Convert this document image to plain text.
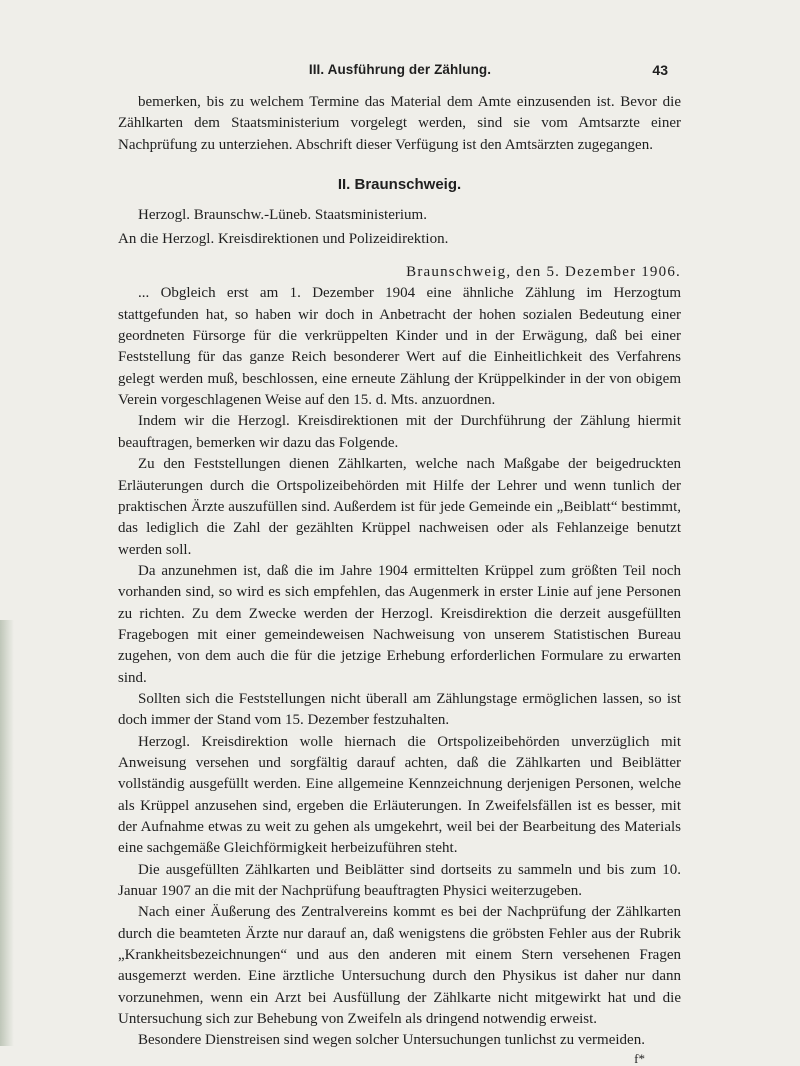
III. Ausführung der Zählung.	43

bemerken, bis zu welchem Termine das Material dem Amte einzusenden ist. Bevor die Zählkarten dem Staatsministerium vorgelegt werden, sind sie vom Amtsarzte einer Nachprüfung zu unterziehen. Abschrift dieser Verfügung ist den Amtsärzten zugegangen.

II. Braunschweig.

Herzogl. Braunschw.-Lüneb. Staatsministerium.

An die Herzogl. Kreisdirektionen und Polizeidirektion.

Braunschweig, den 5. Dezember 1906.

... Obgleich erst am 1. Dezember 1904 eine ähnliche Zählung im Herzogtum stattgefunden hat, so haben wir doch in Anbetracht der hohen sozialen Bedeutung einer geordneten Fürsorge für die verkrüppelten Kinder und in der Erwägung, daß bei einer Feststellung für das ganze Reich besonderer Wert auf die Einheitlichkeit des Verfahrens gelegt werden muß, beschlossen, eine erneute Zählung der Krüppelkinder in der von obigem Verein vorgeschlagenen Weise auf den 15. d. Mts. anzuordnen.

Indem wir die Herzogl. Kreisdirektionen mit der Durchführung der Zählung hiermit beauftragen, bemerken wir dazu das Folgende.

Zu den Feststellungen dienen Zählkarten, welche nach Maßgabe der beigedruckten Erläuterungen durch die Ortspolizeibehörden mit Hilfe der Lehrer und wenn tunlich der praktischen Ärzte auszufüllen sind. Außerdem ist für jede Gemeinde ein „Beiblatt“ bestimmt, das lediglich die Zahl der gezählten Krüppel nachweisen oder als Fehlanzeige benutzt werden soll.

Da anzunehmen ist, daß die im Jahre 1904 ermittelten Krüppel zum größten Teil noch vorhanden sind, so wird es sich empfehlen, das Augenmerk in erster Linie auf jene Personen zu richten. Zu dem Zwecke werden der Herzogl. Kreisdirektion die derzeit ausgefüllten Fragebogen mit einer gemeindeweisen Nachweisung von unserem Statistischen Bureau zugehen, von dem auch die für die jetzige Erhebung erforderlichen Formulare zu erwarten sind.

Sollten sich die Feststellungen nicht überall am Zählungstage ermöglichen lassen, so ist doch immer der Stand vom 15. Dezember festzuhalten.

Herzogl. Kreisdirektion wolle hiernach die Ortspolizeibehörden unverzüglich mit Anweisung versehen und sorgfältig darauf achten, daß die Zählkarten und Beiblätter vollständig ausgefüllt werden. Eine allgemeine Kennzeichnung derjenigen Personen, welche als Krüppel anzusehen sind, ergeben die Erläuterungen. In Zweifelsfällen ist es besser, mit der Aufnahme etwas zu weit zu gehen als umgekehrt, weil bei der Bearbeitung des Materials eine sachgemäße Gleichförmigkeit herbeizuführen steht.

Die ausgefüllten Zählkarten und Beiblätter sind dortseits zu sammeln und bis zum 10. Januar 1907 an die mit der Nachprüfung beauftragten Physici weiterzugeben.

Nach einer Äußerung des Zentralvereins kommt es bei der Nachprüfung der Zählkarten durch die beamteten Ärzte nur darauf an, daß wenigstens die gröbsten Fehler aus der Rubrik „Krankheitsbezeichnungen“ und aus den anderen mit einem Stern versehenen Fragen ausgemerzt werden. Eine ärztliche Untersuchung durch den Physikus ist daher nur dann vorzunehmen, wenn ein Arzt bei Ausfüllung der Zählkarte nicht mitgewirkt hat und die Untersuchung sich zur Behebung von Zweifeln als dringend notwendig erweist.

Besondere Dienstreisen sind wegen solcher Untersuchungen tunlichst zu vermeiden.

f*
